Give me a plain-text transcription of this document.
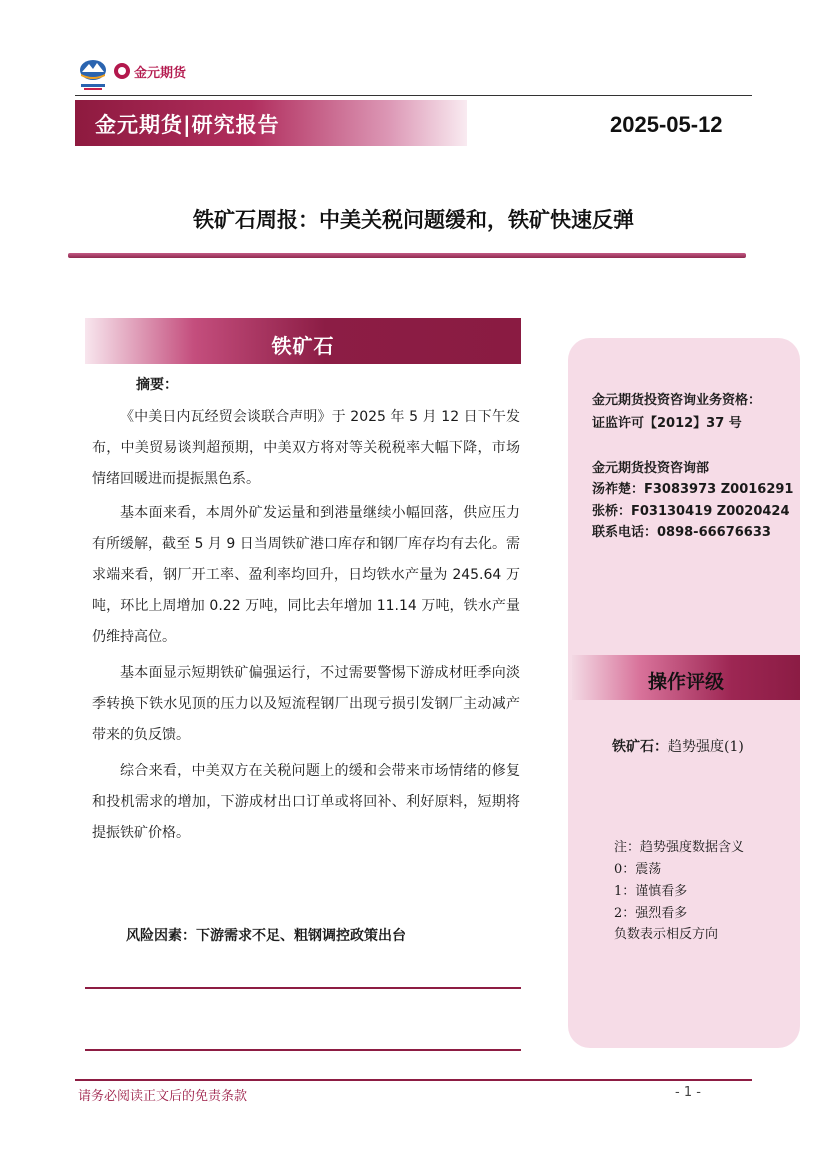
金元期货
金元期货|研究报告	2025-05-12
铁矿石周报：中美关税问题缓和，铁矿快速反弹
铁矿石
摘要：
《中美日内瓦经贸会谈联合声明》于 2025 年 5 月 12 日下午发布，中美贸易谈判超预期，中美双方将对等关税税率大幅下降，市场情绪回暖进而提振黑色系。
基本面来看，本周外矿发运量和到港量继续小幅回落，供应压力有所缓解，截至 5 月 9 日当周铁矿港口库存和钢厂库存均有去化。需求端来看，钢厂开工率、盈利率均回升，日均铁水产量为 245.64 万吨，环比上周增加 0.22 万吨，同比去年增加 11.14 万吨，铁水产量仍维持高位。
基本面显示短期铁矿偏强运行，不过需要警惕下游成材旺季向淡季转换下铁水见顶的压力以及短流程钢厂出现亏损引发钢厂主动减产带来的负反馈。
综合来看，中美双方在关税问题上的缓和会带来市场情绪的修复和投机需求的增加，下游成材出口订单或将回补、利好原料，短期将提振铁矿价格。
风险因素：下游需求不足、粗钢调控政策出台
金元期货投资咨询业务资格：
证监许可【2012】37 号
金元期货投资咨询部
汤祚楚：F3083973 Z0016291
张桥：F03130419 Z0020424
联系电话：0898-66676633
操作评级
铁矿石：趋势强度(1)
注：趋势强度数据含义
0：震荡
1：谨慎看多
2：强烈看多
负数表示相反方向
请务必阅读正文后的免责条款	- 1 -
